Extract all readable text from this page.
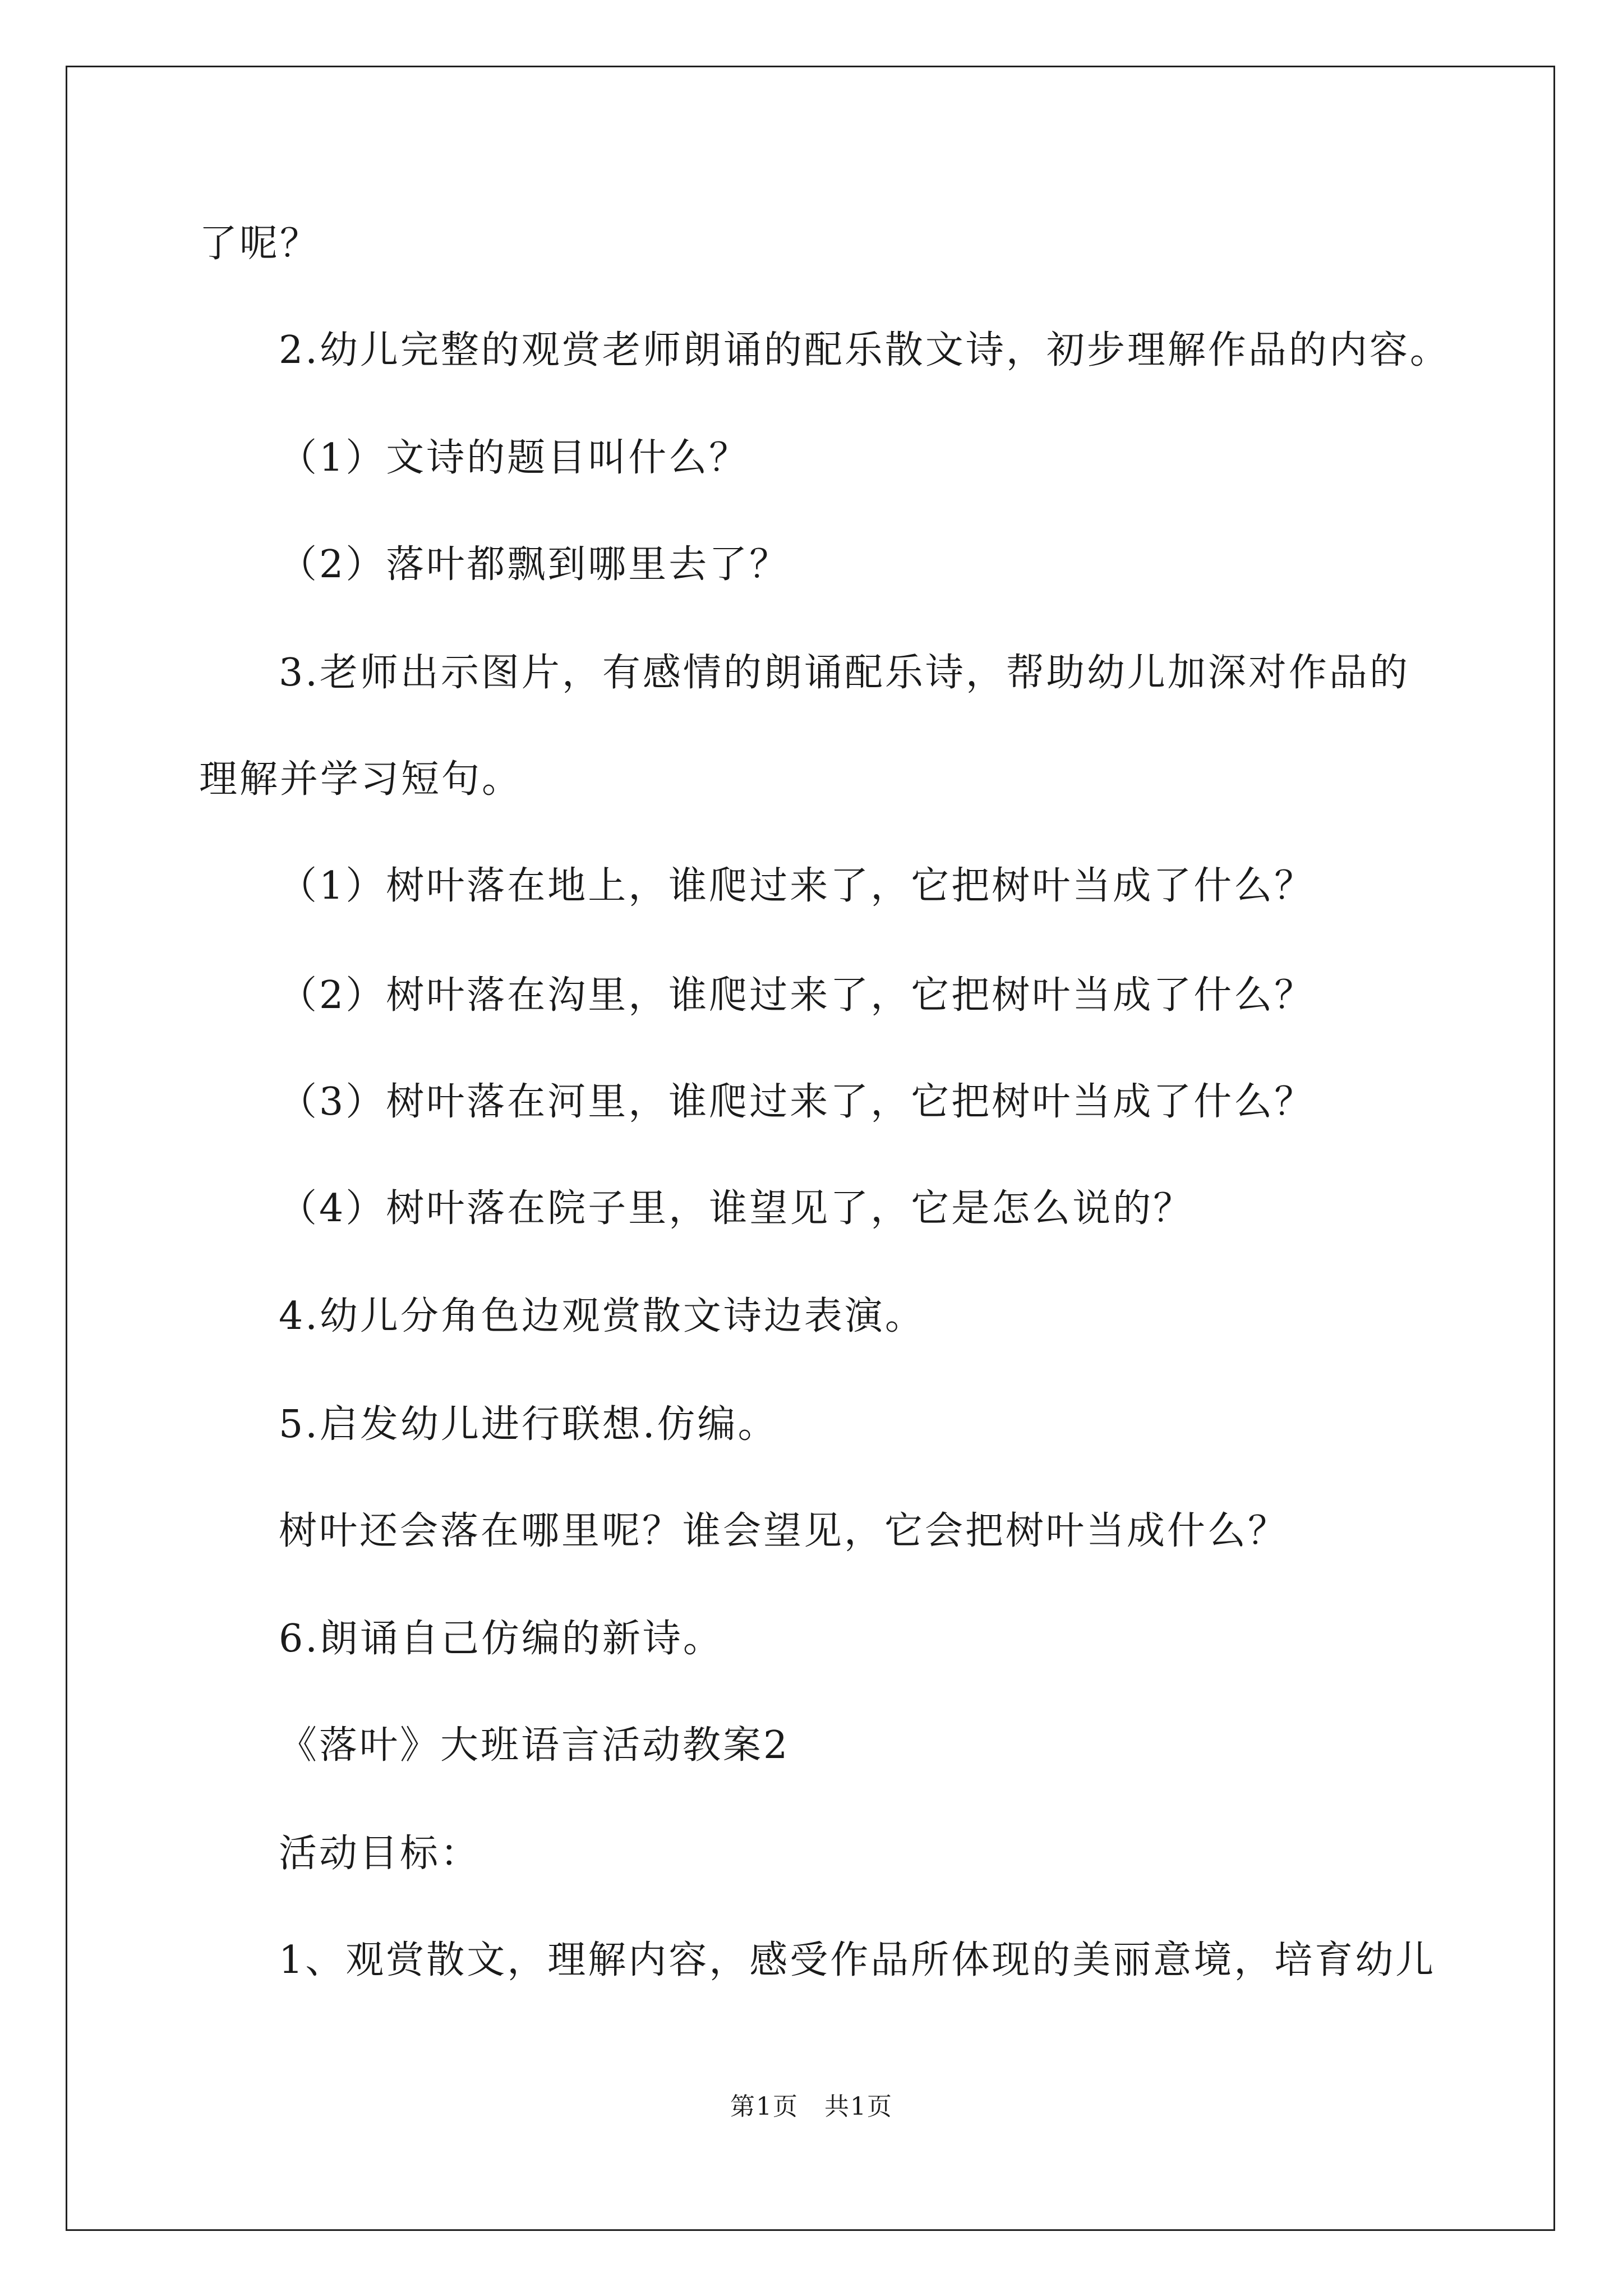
了呢？
2.幼儿完整的观赏老师朗诵的配乐散文诗，初步理解作品的内容。
（1）文诗的题目叫什么？
（2）落叶都飘到哪里去了？
3.老师出示图片，有感情的朗诵配乐诗，帮助幼儿加深对作品的
理解并学习短句。
（1）树叶落在地上，谁爬过来了，它把树叶当成了什么？
（2）树叶落在沟里，谁爬过来了，它把树叶当成了什么？
（3）树叶落在河里，谁爬过来了，它把树叶当成了什么？
（4）树叶落在院子里，谁望见了，它是怎么说的？
4.幼儿分角色边观赏散文诗边表演。
5.启发幼儿进行联想.仿编。
树叶还会落在哪里呢？谁会望见，它会把树叶当成什么？
6.朗诵自己仿编的新诗。
《落叶》大班语言活动教案2
活动目标：
1、观赏散文，理解内容，感受作品所体现的美丽意境，培育幼儿
第1页　共1页
